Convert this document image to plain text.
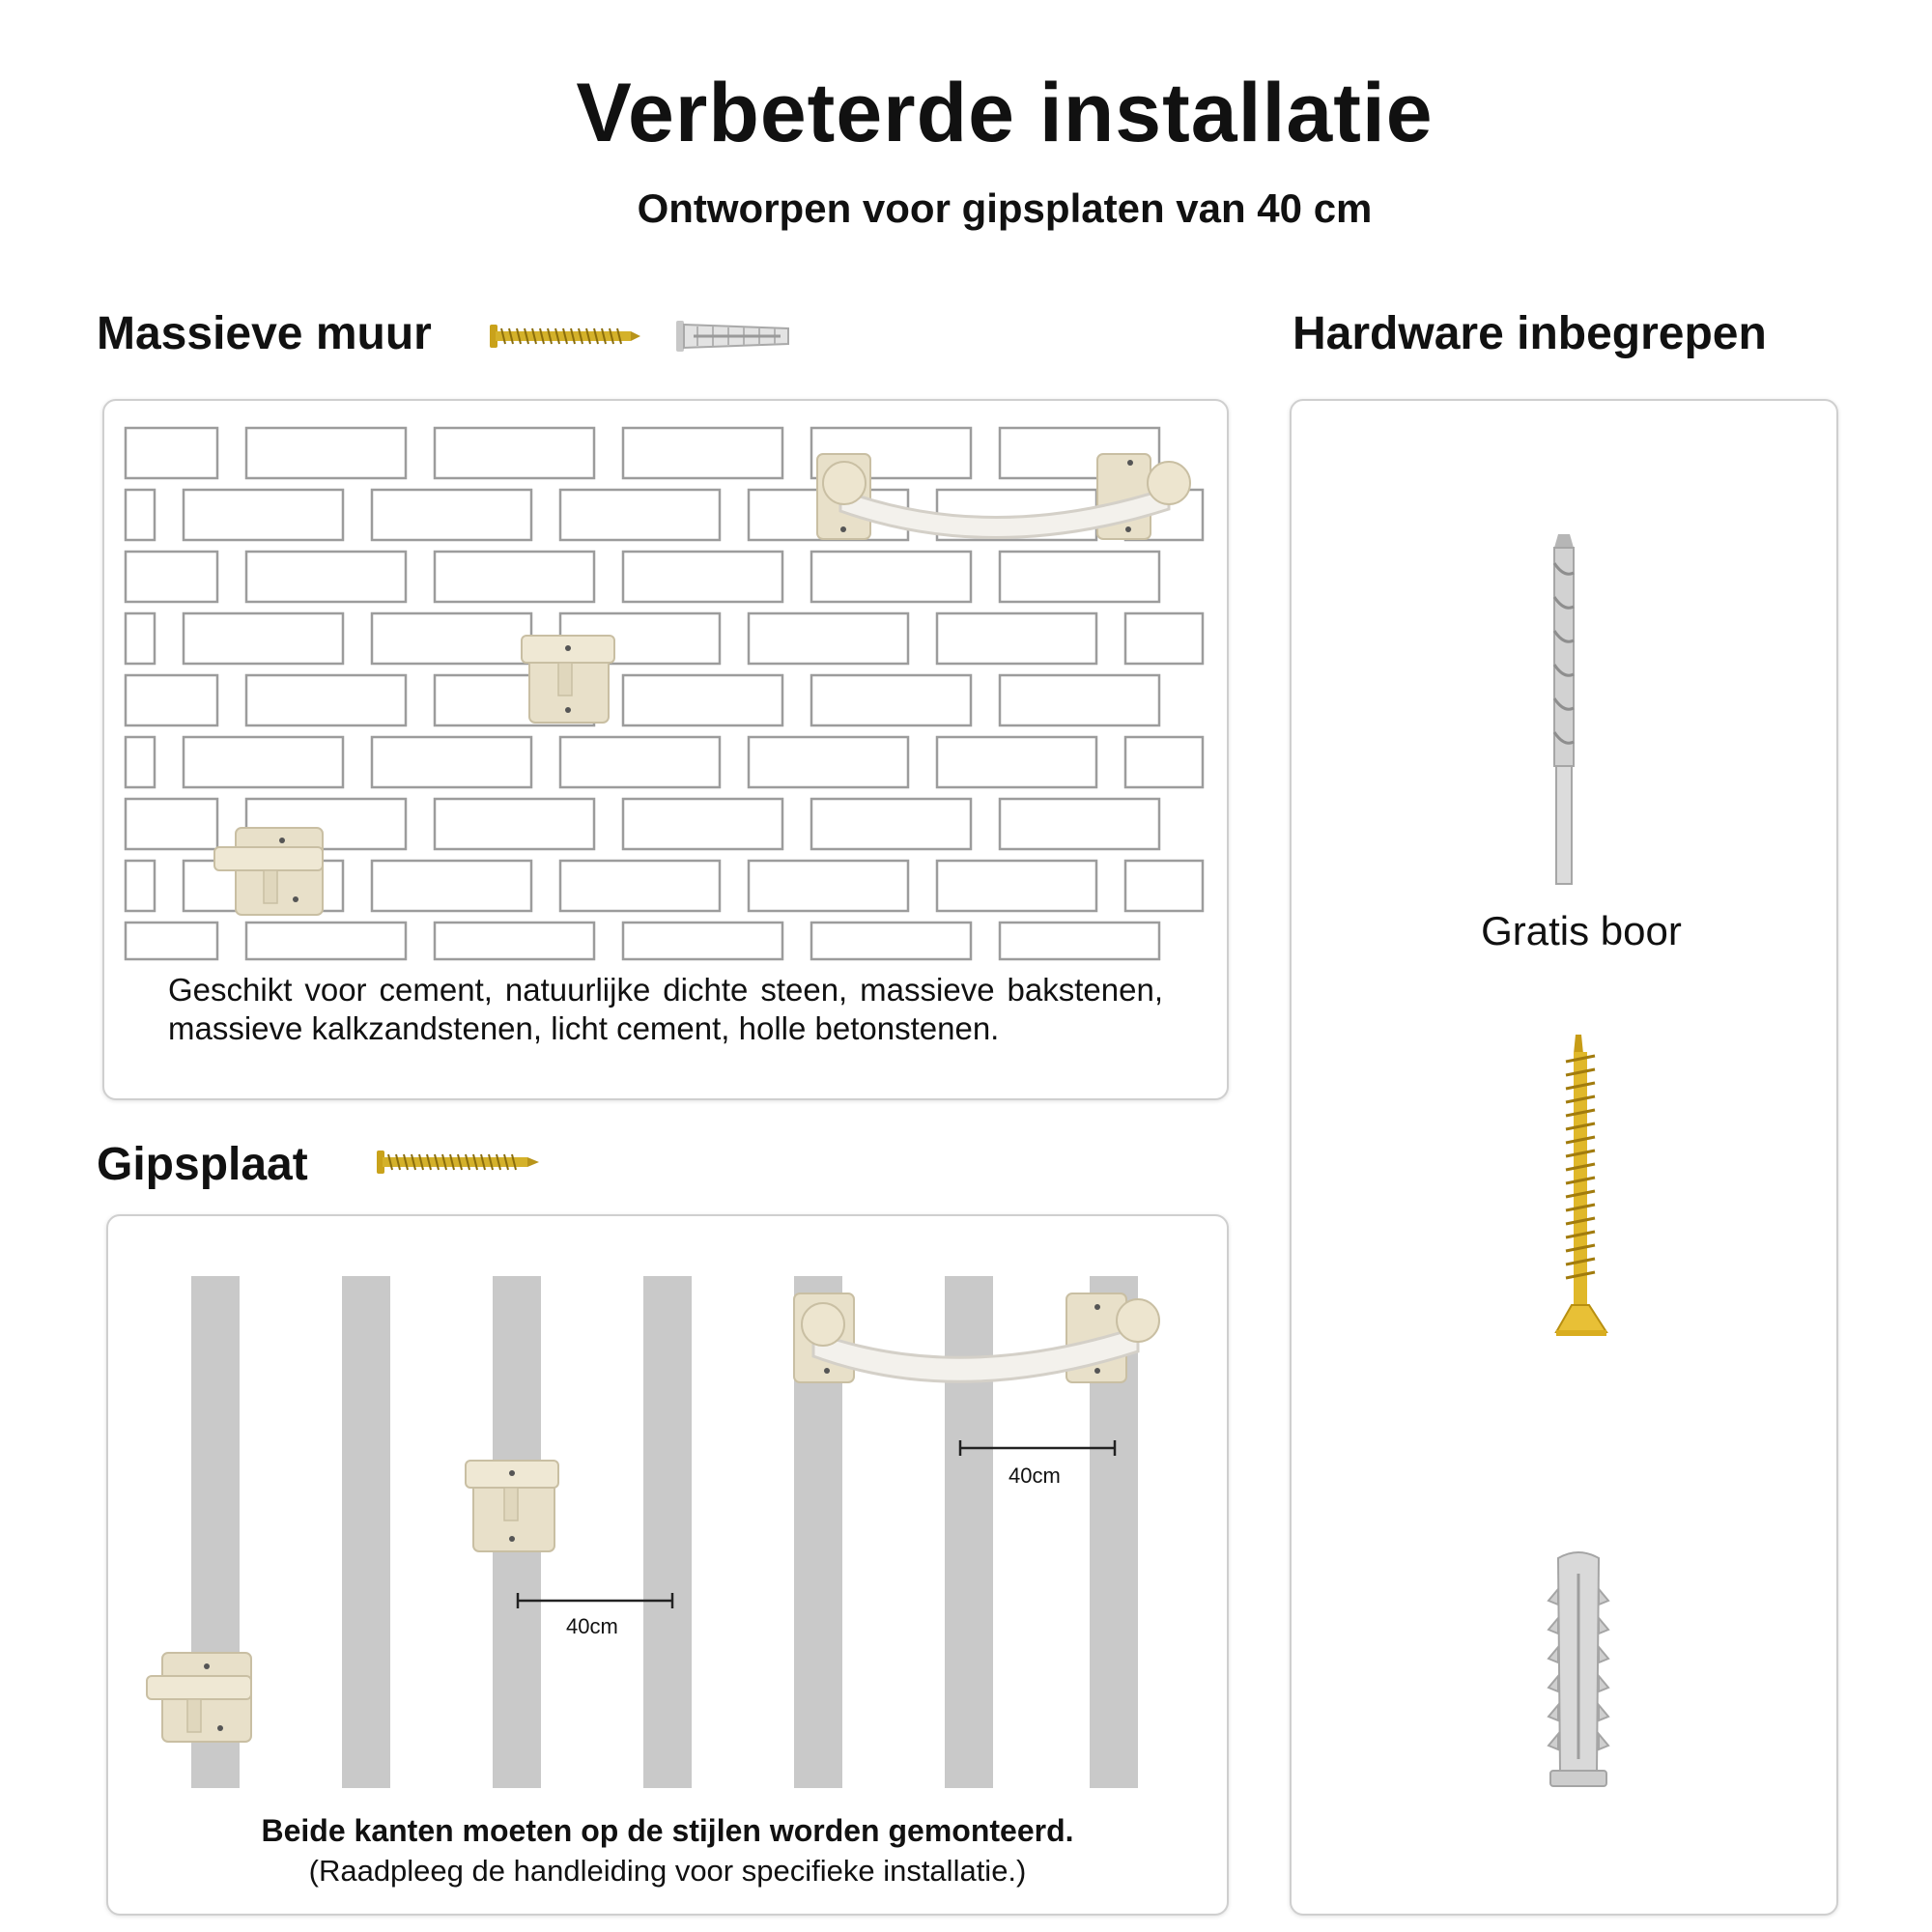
Verbeterde installatie
Ontworpen voor gipsplaten van 40 cm
Massieve muur
Geschikt voor cement, natuurlijke dichte steen, massieve bakstenen, massieve kalkzandstenen, licht cement, holle betonstenen.
Gipsplaat
40cm
40cm
Beide kanten moeten op de stijlen worden gemonteerd.
(Raadpleeg de handleiding voor specifieke installatie.)
Hardware inbegrepen
Gratis boor
